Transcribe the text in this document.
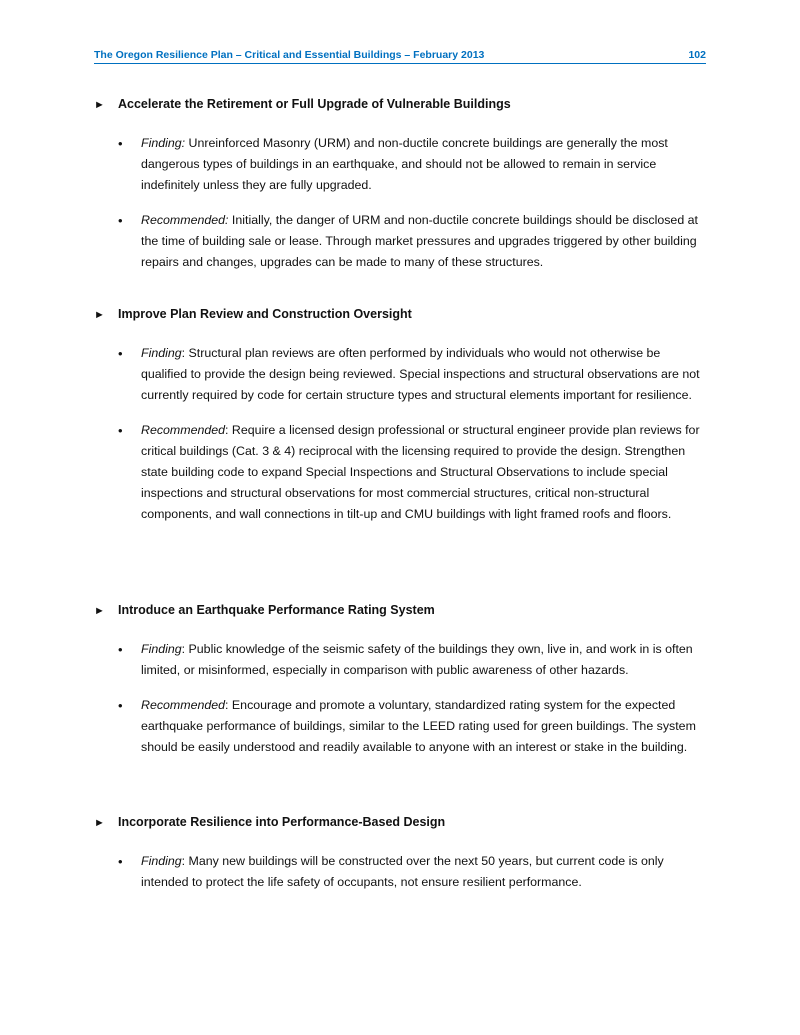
The Oregon Resilience Plan – Critical and Essential Buildings – February 2013	102
►	Accelerate the Retirement or Full Upgrade of Vulnerable Buildings
• Finding: Unreinforced Masonry (URM) and non-ductile concrete buildings are generally the most dangerous types of buildings in an earthquake, and should not be allowed to remain in service indefinitely unless they are fully upgraded.
• Recommended: Initially, the danger of URM and non-ductile concrete buildings should be disclosed at the time of building sale or lease. Through market pressures and upgrades triggered by other building repairs and changes, upgrades can be made to many of these structures.
►	Improve Plan Review and Construction Oversight
• Finding: Structural plan reviews are often performed by individuals who would not otherwise be qualified to provide the design being reviewed. Special inspections and structural observations are not currently required by code for certain structure types and structural elements important for resilience.
• Recommended: Require a licensed design professional or structural engineer provide plan reviews for critical buildings (Cat. 3 & 4) reciprocal with the licensing required to provide the design. Strengthen state building code to expand Special Inspections and Structural Observations to include special inspections and structural observations for most commercial structures, critical non-structural components, and wall connections in tilt-up and CMU buildings with light framed roofs and floors.
►	Introduce an Earthquake Performance Rating System
• Finding: Public knowledge of the seismic safety of the buildings they own, live in, and work in is often limited, or misinformed, especially in comparison with public awareness of other hazards.
• Recommended: Encourage and promote a voluntary, standardized rating system for the expected earthquake performance of buildings, similar to the LEED rating used for green buildings. The system should be easily understood and readily available to anyone with an interest or stake in the building.
►	Incorporate Resilience into Performance-Based Design
• Finding: Many new buildings will be constructed over the next 50 years, but current code is only intended to protect the life safety of occupants, not ensure resilient performance.
